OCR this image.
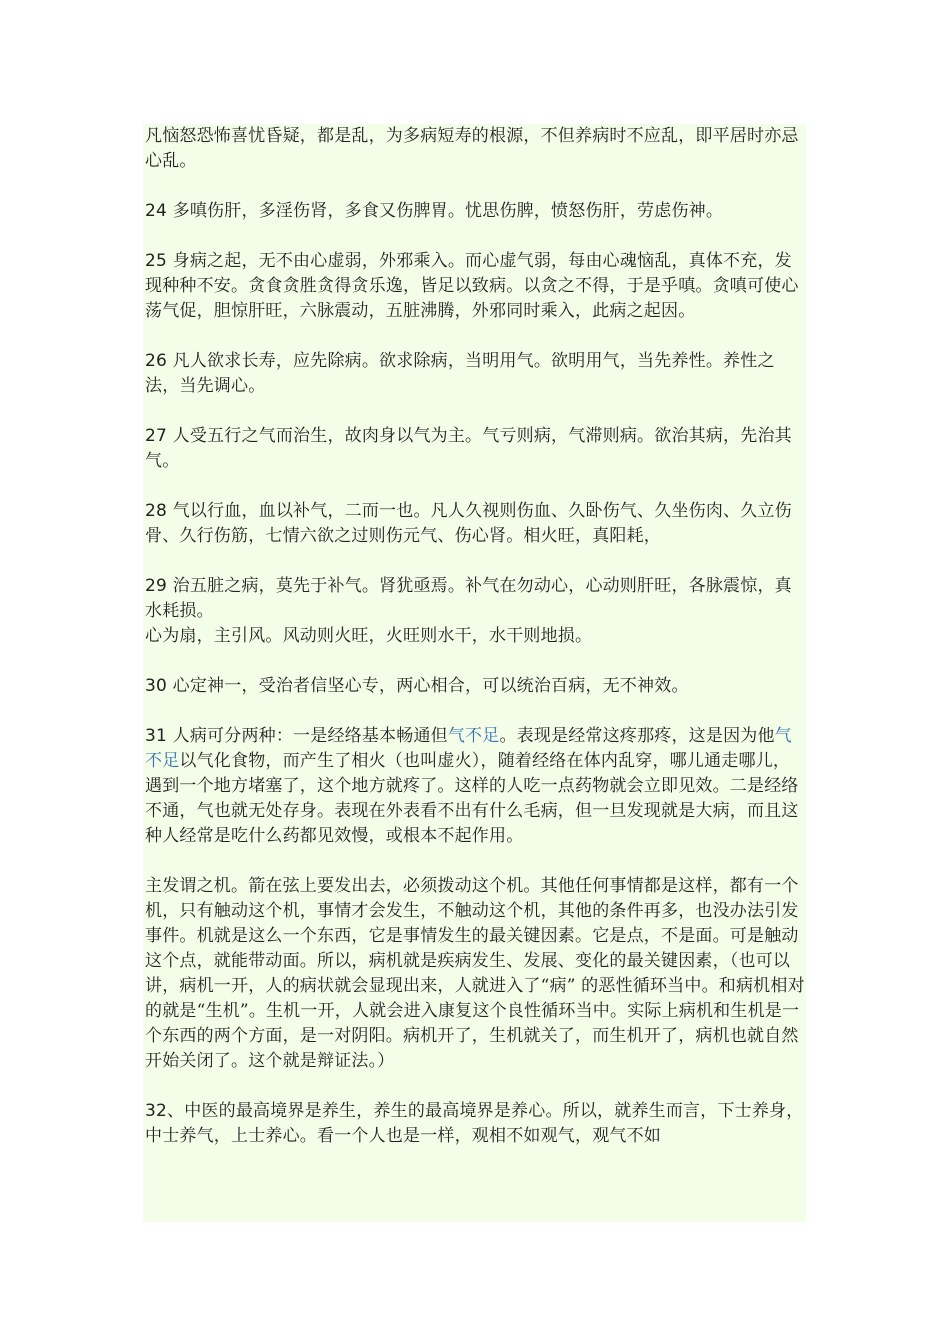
凡恼怒恐怖喜忧昏疑，都是乱，为多病短寿的根源，不但养病时不应乱，即平居时亦忌心乱。

24 多嗔伤肝，多淫伤肾，多食又伤脾胃。忧思伤脾，愤怒伤肝，劳虑伤神。

25 身病之起，无不由心虚弱，外邪乘入。而心虚气弱，每由心魂恼乱，真体不充，发现种种不安。贪食贪胜贪得贪乐逸，皆足以致病。以贪之不得，于是乎嗔。贪嗔可使心荡气促，胆惊肝旺，六脉震动，五脏沸腾，外邪同时乘入，此病之起因。

26 凡人欲求长寿，应先除病。欲求除病，当明用气。欲明用气，当先养性。养性之法，当先调心。

27 人受五行之气而治生，故肉身以气为主。气亏则病，气滞则病。欲治其病，先治其气。

28 气以行血，血以补气，二而一也。凡人久视则伤血、久卧伤气、久坐伤肉、久立伤骨、久行伤筋，七情六欲之过则伤元气、伤心肾。相火旺，真阳耗，

29 治五脏之病，莫先于补气。肾犹亟焉。补气在勿动心，心动则肝旺，各脉震惊，真水耗损。
心为扇，主引风。风动则火旺，火旺则水干，水干则地损。

30 心定神一，受治者信坚心专，两心相合，可以统治百病，无不神效。

31 人病可分两种：一是经络基本畅通但气不足。表现是经常这疼那疼，这是因为他气不足以气化食物，而产生了相火（也叫虚火），随着经络在体内乱穿，哪儿通走哪儿，遇到一个地方堵塞了，这个地方就疼了。这样的人吃一点药物就会立即见效。二是经络不通，气也就无处存身。表现在外表看不出有什么毛病，但一旦发现就是大病，而且这种人经常是吃什么药都见效慢，或根本不起作用。

主发谓之机。箭在弦上要发出去，必须拨动这个机。其他任何事情都是这样，都有一个机，只有触动这个机，事情才会发生，不触动这个机，其他的条件再多，也没办法引发事件。机就是这么一个东西，它是事情发生的最关键因素。它是点，不是面。可是触动这个点，就能带动面。所以，病机就是疾病发生、发展、变化的最关键因素，（也可以讲，病机一开，人的病状就会显现出来，人就进入了“病” 的恶性循环当中。和病机相对的就是“生机”。生机一开，人就会进入康复这个良性循环当中。实际上病机和生机是一个东西的两个方面，是一对阴阳。病机开了，生机就关了，而生机开了，病机也就自然开始关闭了。这个就是辩证法。）

32、中医的最高境界是养生，养生的最高境界是养心。所以，就养生而言，下士养身，中士养气，上士养心。看一个人也是一样，观相不如观气，观气不如
